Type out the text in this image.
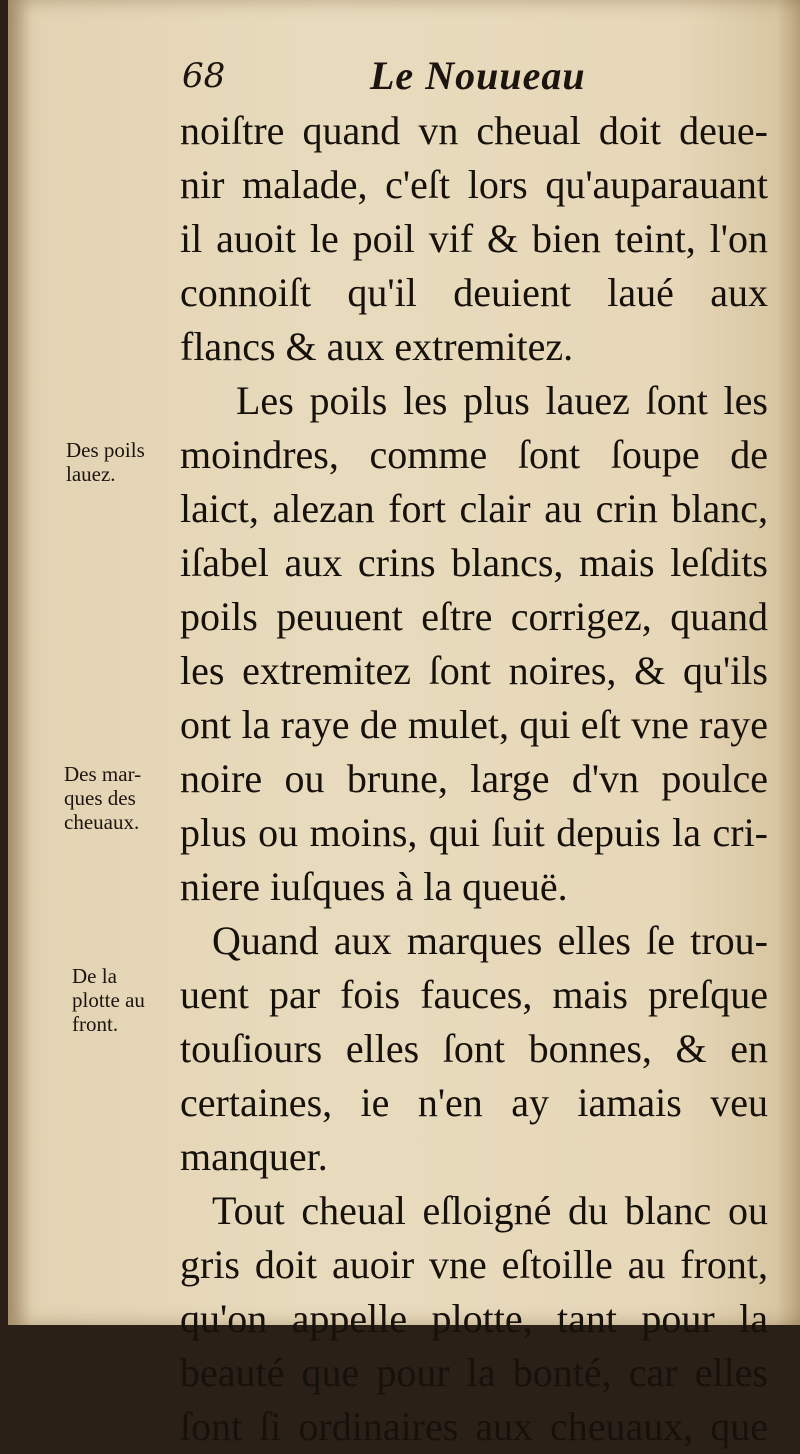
68	Le Nouueau
noiſtre quand vn cheual doit deue-
nir malade, c'eſt lors qu'auparauant
il auoit le poil vif & bien teint, l'on
connoiſt qu'il deuient laué aux
flancs & aux extremitez.
Les poils les plus lauez ſont les
moindres, comme ſont ſoupe de
laict, alezan fort clair au crin blanc,
iſabel aux crins blancs, mais leſdits
poils peuuent eſtre corrigez, quand
les extremitez ſont noires, & qu'ils
ont la raye de mulet, qui eſt vne raye
noire ou brune, large d'vn poulce
plus ou moins, qui ſuit depuis la cri-
niere iuſques à la queuë.
Quand aux marques elles ſe trou-
uent par fois fauces, mais preſque
touſiours elles ſont bonnes, & en
certaines, ie n'en ay iamais veu
manquer.
Tout cheual eſloigné du blanc ou
gris doit auoir vne eſtoille au front,
qu'on appelle plotte, tant pour la
beauté que pour la bonté, car elles
ſont ſi ordinaires aux cheuaux, que
Des poils
lauez.
Des mar-
ques des
cheuaux.
De la
plotte au
front.
